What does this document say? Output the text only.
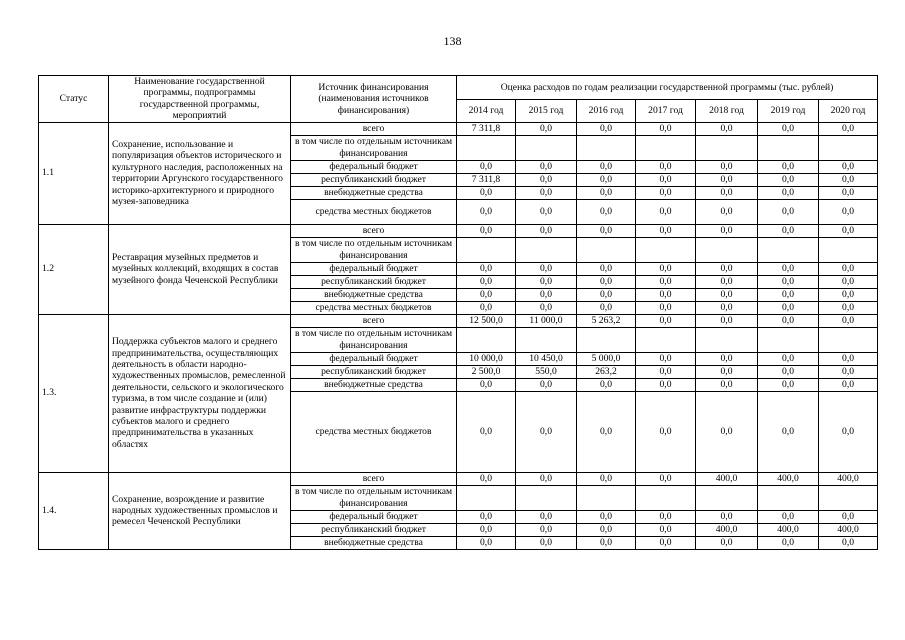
138
Статус	Наименование государственной программы, подпрограммы государственной программы, мероприятий	Источник финансирования (наименования источников финансирования)	Оценка расходов по годам реализации государственной программы (тыс. рублей)						
			2014 год	2015 год	2016 год	2017 год	2018 год	2019 год	2020 год
1.1	Сохранение, использование и популяризация объектов исторического и культурного наследия, расположенных на территории Аргунского государственного историко-архитектурного и природного музея-заповедника	всего	7 311,8	0,0	0,0	0,0	0,0	0,0	0,0
		в том числе по отдельным источникам финансирования							
		федеральный бюджет	0,0	0,0	0,0	0,0	0,0	0,0	0,0
		республиканский бюджет	7 311,8	0,0	0,0	0,0	0,0	0,0	0,0
		внебюджетные средства	0,0	0,0	0,0	0,0	0,0	0,0	0,0
		средства местных бюджетов	0,0	0,0	0,0	0,0	0,0	0,0	0,0
1.2	Реставрация музейных предметов и музейных коллекций, входящих в состав музейного фонда Чеченской Республики	всего	0,0	0,0	0,0	0,0	0,0	0,0	0,0
		в том числе по отдельным источникам финансирования							
		федеральный бюджет	0,0	0,0	0,0	0,0	0,0	0,0	0,0
		республиканский бюджет	0,0	0,0	0,0	0,0	0,0	0,0	0,0
		внебюджетные средства	0,0	0,0	0,0	0,0	0,0	0,0	0,0
		средства местных бюджетов	0,0	0,0	0,0	0,0	0,0	0,0	0,0
1.3.	Поддержка субъектов малого и среднего предпринимательства, осуществляющих деятельность в области народно-художественных промыслов, ремесленной деятельности, сельского и экологического туризма, в том числе создание и (или) развитие инфраструктуры поддержки субъектов малого и среднего предпринимательства в указанных областях	всего	12 500,0	11 000,0	5 263,2	0,0	0,0	0,0	0,0
		в том числе по отдельным источникам финансирования							
		федеральный бюджет	10 000,0	10 450,0	5 000,0	0,0	0,0	0,0	0,0
		республиканский бюджет	2 500,0	550,0	263,2	0,0	0,0	0,0	0,0
		внебюджетные средства	0,0	0,0	0,0	0,0	0,0	0,0	0,0
		средства местных бюджетов	0,0	0,0	0,0	0,0	0,0	0,0	0,0
1.4.	Сохранение, возрождение и развитие народных художественных промыслов и ремесел Чеченской Республики	всего	0,0	0,0	0,0	0,0	400,0	400,0	400,0
		в том числе по отдельным источникам финансирования							
		федеральный бюджет	0,0	0,0	0,0	0,0	0,0	0,0	0,0
		республиканский бюджет	0,0	0,0	0,0	0,0	400,0	400,0	400,0
		внебюджетные средства	0,0	0,0	0,0	0,0	0,0	0,0	0,0
